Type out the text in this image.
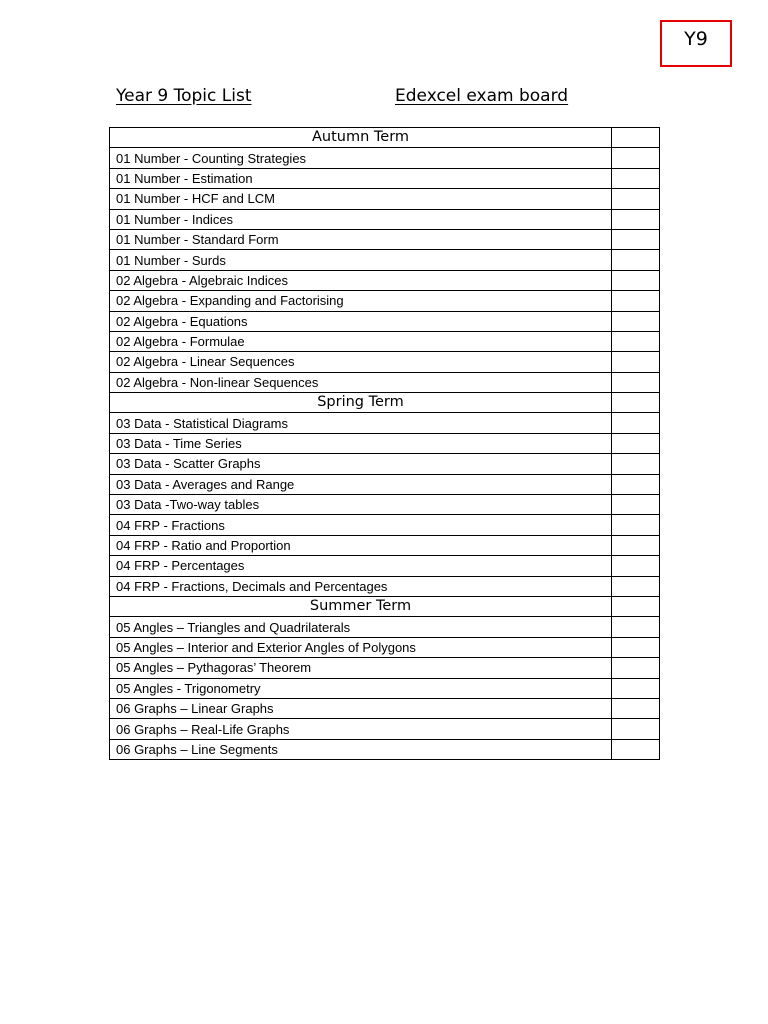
Y9
Year 9 Topic List	Edexcel exam board
Autumn Term	
01 Number - Counting Strategies	
01 Number - Estimation	
01 Number - HCF and LCM	
01 Number - Indices	
01 Number - Standard Form	
01 Number - Surds	
02 Algebra - Algebraic Indices	
02 Algebra - Expanding and Factorising	
02 Algebra - Equations	
02 Algebra - Formulae	
02 Algebra - Linear Sequences	
02 Algebra - Non-linear Sequences	
Spring Term	
03 Data - Statistical Diagrams	
03 Data - Time Series	
03 Data - Scatter Graphs	
03 Data - Averages and Range	
03 Data -Two-way tables	
04 FRP - Fractions	
04 FRP - Ratio and Proportion	
04 FRP - Percentages	
04 FRP - Fractions, Decimals and Percentages	
Summer Term	
05 Angles – Triangles and Quadrilaterals	
05 Angles – Interior and Exterior Angles of Polygons	
05 Angles – Pythagoras’ Theorem	
05 Angles - Trigonometry	
06 Graphs – Linear Graphs	
06 Graphs – Real-Life Graphs	
06 Graphs – Line Segments	
